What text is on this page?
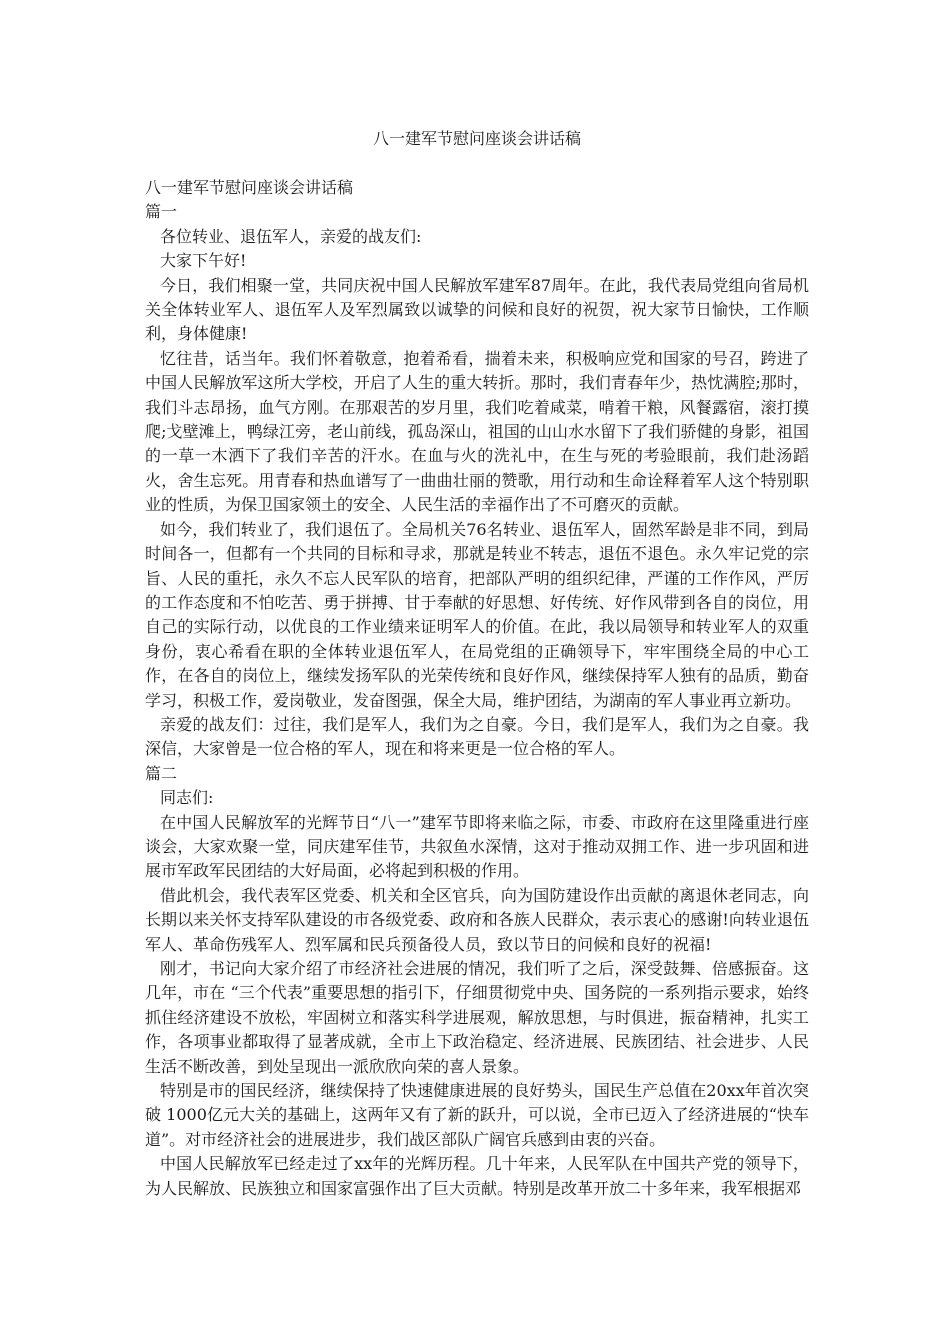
八一建军节慰问座谈会讲话稿

八一建军节慰问座谈会讲话稿

篇一

各位转业、退伍军人，亲爱的战友们:

大家下午好!

今日，我们相聚一堂，共同庆祝中国人民解放军建军87周年。在此，我代表局党组向省局机关全体转业军人、退伍军人及军烈属致以诚挚的问候和良好的祝贺，祝大家节日愉快，工作顺利，身体健康!

忆往昔，话当年。我们怀着敬意，抱着希看，揣着未来，积极响应党和国家的号召，跨进了中国人民解放军这所大学校，开启了人生的重大转折。那时，我们青春年少，热忱满腔;那时，我们斗志昂扬，血气方刚。在那艰苦的岁月里，我们吃着咸菜，啃着干粮，风餐露宿，滚打摸爬;戈壁滩上，鸭绿江旁，老山前线，孤岛深山，祖国的山山水水留下了我们骄健的身影，祖国的一草一木洒下了我们辛苦的汗水。在血与火的洗礼中，在生与死的考验眼前，我们赴汤蹈火，舍生忘死。用青春和热血谱写了一曲曲壮丽的赞歌，用行动和生命诠释着军人这个特别职业的性质，为保卫国家领土的安全、人民生活的幸福作出了不可磨灭的贡献。

如今，我们转业了，我们退伍了。全局机关76名转业、退伍军人，固然军龄是非不同，到局时间各一，但都有一个共同的目标和寻求，那就是转业不转志，退伍不退色。永久牢记党的宗旨、人民的重托，永久不忘人民军队的培育，把部队严明的组织纪律，严谨的工作作风，严厉的工作态度和不怕吃苦、勇于拼搏、甘于奉献的好思想、好传统、好作风带到各自的岗位，用自己的实际行动，以优良的工作业绩来证明军人的价值。在此，我以局领导和转业军人的双重身份，衷心希看在职的全体转业退伍军人，在局党组的正确领导下，牢牢围绕全局的中心工作，在各自的岗位上，继续发扬军队的光荣传统和良好作风，继续保持军人独有的品质，勤奋学习，积极工作，爱岗敬业，发奋图强，保全大局，维护团结，为湖南的军人事业再立新功。

亲爱的战友们：过往，我们是军人，我们为之自豪。今日，我们是军人，我们为之自豪。我深信，大家曾是一位合格的军人，现在和将来更是一位合格的军人。

篇二

同志们:

在中国人民解放军的光辉节日“八一”建军节即将来临之际，市委、市政府在这里隆重进行座谈会，大家欢聚一堂，同庆建军佳节，共叙鱼水深情，这对于推动双拥工作、进一步巩固和进展市军政军民团结的大好局面，必将起到积极的作用。

借此机会，我代表军区党委、机关和全区官兵，向为国防建设作出贡献的离退休老同志，向长期以来关怀支持军队建设的市各级党委、政府和各族人民群众，表示衷心的感谢!向转业退伍军人、革命伤残军人、烈军属和民兵预备役人员，致以节日的问候和良好的祝福!

刚才，书记向大家介绍了市经济社会进展的情况，我们听了之后，深受鼓舞、倍感振奋。这几年，市在 “三个代表”重要思想的指引下，仔细贯彻党中央、国务院的一系列指示要求，始终抓住经济建设不放松，牢固树立和落实科学进展观，解放思想，与时俱进，振奋精神，扎实工作，各项事业都取得了显著成就，全市上下政治稳定、经济进展、民族团结、社会进步、人民生活不断改善，到处呈现出一派欣欣向荣的喜人景象。

特别是市的国民经济，继续保持了快速健康进展的良好势头，国民生产总值在20xx年首次突破 1000亿元大关的基础上，这两年又有了新的跃升，可以说，全市已迈入了经济进展的“快车道”。对市经济社会的进展进步，我们战区部队广阔官兵感到由衷的兴奋。

中国人民解放军已经走过了xx年的光辉历程。几十年来，人民军队在中国共产党的领导下，为人民解放、民族独立和国家富强作出了巨大贡献。特别是改革开放二十多年来，我军根据邓
